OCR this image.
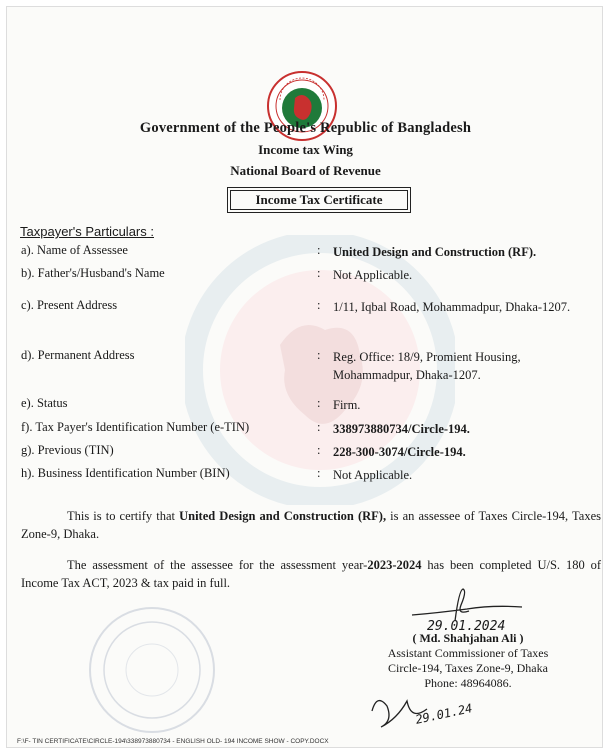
Government of the People's Republic of Bangladesh
Income tax Wing
National Board of Revenue
Income Tax Certificate
Taxpayer's Particulars :
a). Name of Assessee	: United Design and Construction (RF).
b). Father's/Husband's Name	: Not Applicable.
c). Present Address	: 1/11, Iqbal Road, Mohammadpur, Dhaka-1207.
d). Permanent Address	: Reg. Office: 18/9, Promient Housing, Mohammadpur, Dhaka-1207.
e). Status	: Firm.
f). Tax Payer's Identification Number (e-TIN)	: 338973880734/Circle-194.
g). Previous (TIN)	: 228-300-3074/Circle-194.
h). Business Identification Number (BIN)	: Not Applicable.
This is to certify that United Design and Construction (RF), is an assessee of Taxes Circle-194, Taxes Zone-9, Dhaka.
The assessment of the assessee for the assessment year-2023-2024 has been completed U/S. 180 of Income Tax ACT, 2023 & tax paid in full.
29.01.2024
( Md. Shahjahan Ali )
Assistant Commissioner of Taxes
Circle-194, Taxes Zone-9, Dhaka
Phone: 48964086.
29.01.24
F:\F- TIN CERTIFICATE\CIRCLE-194\338973880734 - ENGLISH OLD- 194 INCOME SHOW - COPY.DOCX
